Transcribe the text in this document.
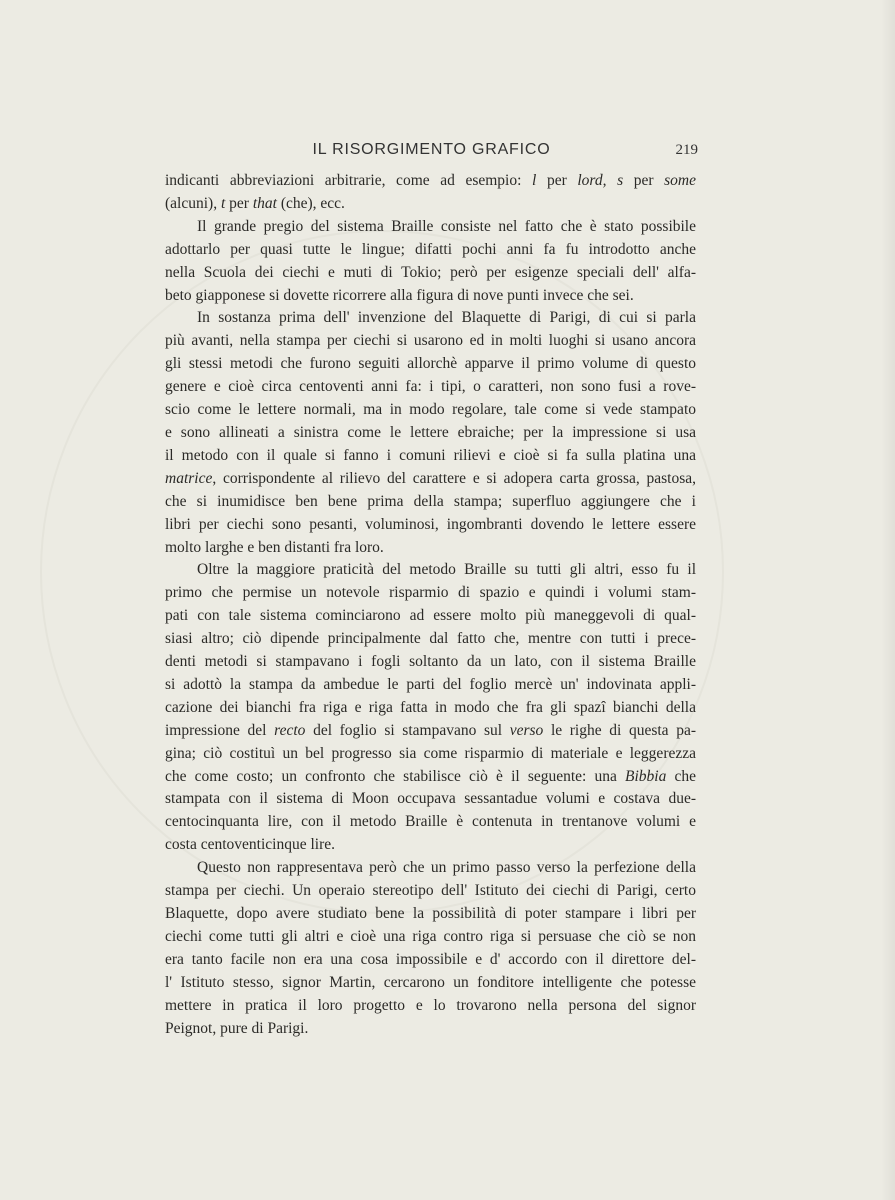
IL RISORGIMENTO GRAFICO	219

indicanti abbreviazioni arbitrarie, come ad esempio: l per lord, s per some
(alcuni), t per that (che), ecc.

Il grande pregio del sistema Braille consiste nel fatto che è stato possibile
adottarlo per quasi tutte le lingue; difatti pochi anni fa fu introdotto anche
nella Scuola dei ciechi e muti di Tokio; però per esigenze speciali dell' alfa-
beto giapponese si dovette ricorrere alla figura di nove punti invece che sei.

In sostanza prima dell' invenzione del Blaquette di Parigi, di cui si parla
più avanti, nella stampa per ciechi si usarono ed in molti luoghi si usano ancora
gli stessi metodi che furono seguiti allorchè apparve il primo volume di questo
genere e cioè circa centoventi anni fa: i tipi, o caratteri, non sono fusi a rove-
scio come le lettere normali, ma in modo regolare, tale come si vede stampato
e sono allineati a sinistra come le lettere ebraiche; per la impressione si usa
il metodo con il quale si fanno i comuni rilievi e cioè si fa sulla platina una
matrice, corrispondente al rilievo del carattere e si adopera carta grossa, pastosa,
che si inumidisce ben bene prima della stampa; superfluo aggiungere che i
libri per ciechi sono pesanti, voluminosi, ingombranti dovendo le lettere essere
molto larghe e ben distanti fra loro.

Oltre la maggiore praticità del metodo Braille su tutti gli altri, esso fu il
primo che permise un notevole risparmio di spazio e quindi i volumi stam-
pati con tale sistema cominciarono ad essere molto più maneggevoli di qual-
siasi altro; ciò dipende principalmente dal fatto che, mentre con tutti i prece-
denti metodi si stampavano i fogli soltanto da un lato, con il sistema Braille
si adottò la stampa da ambedue le parti del foglio mercè un' indovinata appli-
cazione dei bianchi fra riga e riga fatta in modo che fra gli spazî bianchi della
impressione del recto del foglio si stampavano sul verso le righe di questa pa-
gina; ciò costituì un bel progresso sia come risparmio di materiale e leggerezza
che come costo; un confronto che stabilisce ciò è il seguente: una Bibbia che
stampata con il sistema di Moon occupava sessantadue volumi e costava due-
centocinquanta lire, con il metodo Braille è contenuta in trentanove volumi e
costa centoventicinque lire.

Questo non rappresentava però che un primo passo verso la perfezione della
stampa per ciechi. Un operaio stereotipo dell' Istituto dei ciechi di Parigi, certo
Blaquette, dopo avere studiato bene la possibilità di poter stampare i libri per
ciechi come tutti gli altri e cioè una riga contro riga si persuase che ciò se non
era tanto facile non era una cosa impossibile e d' accordo con il direttore del-
l' Istituto stesso, signor Martin, cercarono un fonditore intelligente che potesse
mettere in pratica il loro progetto e lo trovarono nella persona del signor
Peignot, pure di Parigi.
